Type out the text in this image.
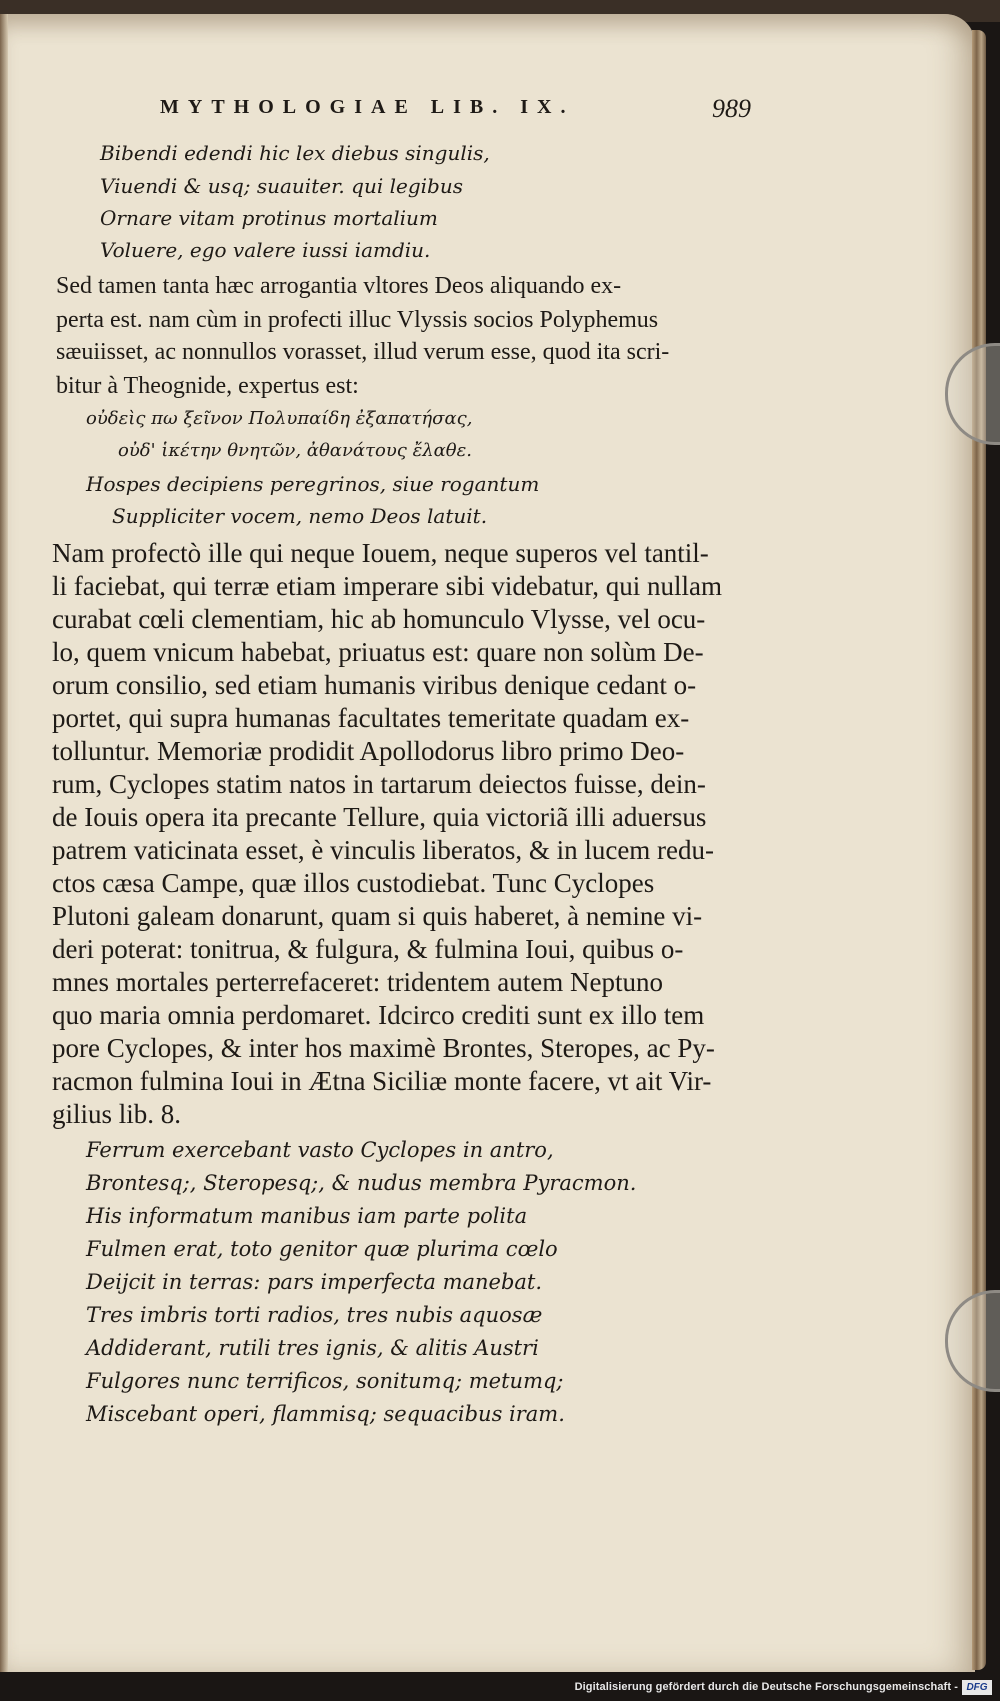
MYTHOLOGIAE LIB. IX.	989
Bibendi edendi hic lex diebus singulis,
Viuendi & usq; suauiter. qui legibus
Ornare vitam protinus mortalium
Voluere, ego valere iussi iamdiu.
Sed tamen tanta hæc arrogantia vltores Deos aliquando ex-
perta est. nam cùm in profecti illuc Vlyssis socios Polyphemus
sæuiisset, ac nonnullos vorasset, illud verum esse, quod ita scri-
bitur à Theognide, expertus est:
οὐδεὶς πω ξεῖνον Πολυπαίδη ἐξαπατήσας,
οὐδ' ἱκέτην θνητῶν, ἀθανάτους ἔλαθε.
Hospes decipiens peregrinos, siue rogantum
Suppliciter vocem, nemo Deos latuit.
Nam profectò ille qui neque Iouem, neque superos vel tantil-
li faciebat, qui terræ etiam imperare sibi videbatur, qui nullam
curabat cœli clementiam, hic ab homunculo Vlysse, vel ocu-
lo, quem vnicum habebat, priuatus est: quare non solùm De-
orum consilio, sed etiam humanis viribus denique cedant o-
portet, qui supra humanas facultates temeritate quadam ex-
tolluntur. Memoriæ prodidit Apollodorus libro primo Deo-
rum, Cyclopes statim natos in tartarum deiectos fuisse, dein-
de Iouis opera ita precante Tellure, quia victoriã illi aduersus
patrem vaticinata esset, è vinculis liberatos, & in lucem redu-
ctos cæsa Campe, quæ illos custodiebat. Tunc Cyclopes
Plutoni galeam donarunt, quam si quis haberet, à nemine vi-
deri poterat: tonitrua, & fulgura, & fulmina Ioui, quibus o-
mnes mortales perterrefaceret: tridentem autem Neptuno
quo maria omnia perdomaret. Idcirco crediti sunt ex illo tem
pore Cyclopes, & inter hos maximè Brontes, Steropes, ac Py-
racmon fulmina Ioui in Ætna Siciliæ monte facere, vt ait Vir-
gilius lib. 8.
Ferrum exercebant vasto Cyclopes in antro,
Brontesq;, Steropesq;, & nudus membra Pyracmon.
His informatum manibus iam parte polita
Fulmen erat, toto genitor quæ plurima cœlo
Deijcit in terras: pars imperfecta manebat.
Tres imbris torti radios, tres nubis aquosæ
Addiderant, rutili tres ignis, & alitis Austri
Fulgores nunc terrificos, sonitumq; metumq;
Miscebant operi, flammisq; sequacibus iram.
Digitalisierung gefördert durch die Deutsche Forschungsgemeinschaft - DFG
